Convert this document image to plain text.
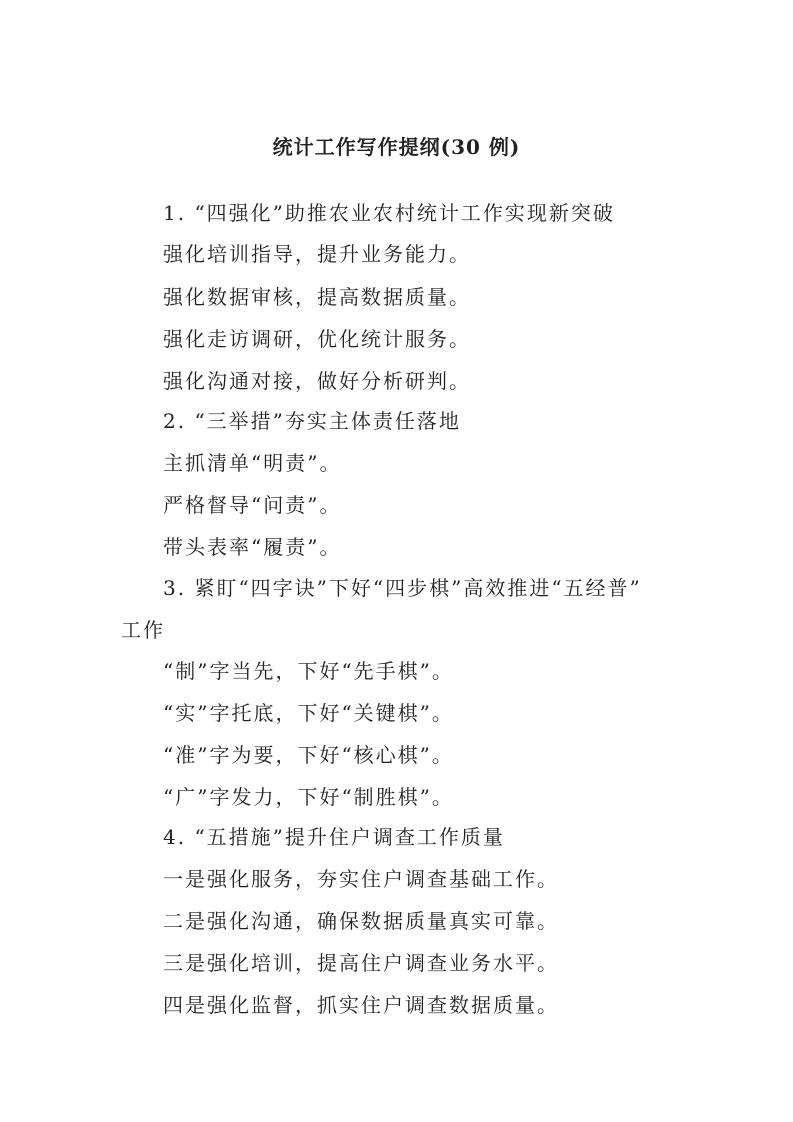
统计工作写作提纲(30 例)
1. “四强化”助推农业农村统计工作实现新突破
强化培训指导，提升业务能力。
强化数据审核，提高数据质量。
强化走访调研，优化统计服务。
强化沟通对接，做好分析研判。
2. “三举措”夯实主体责任落地
主抓清单“明责”。
严格督导“问责”。
带头表率“履责”。
3. 紧盯“四字诀”下好“四步棋”高效推进“五经普”
工作
“制”字当先，下好“先手棋”。
“实”字托底，下好“关键棋”。
“准”字为要，下好“核心棋”。
“广”字发力，下好“制胜棋”。
4. “五措施”提升住户调查工作质量
一是强化服务，夯实住户调查基础工作。
二是强化沟通，确保数据质量真实可靠。
三是强化培训，提高住户调查业务水平。
四是强化监督，抓实住户调查数据质量。
